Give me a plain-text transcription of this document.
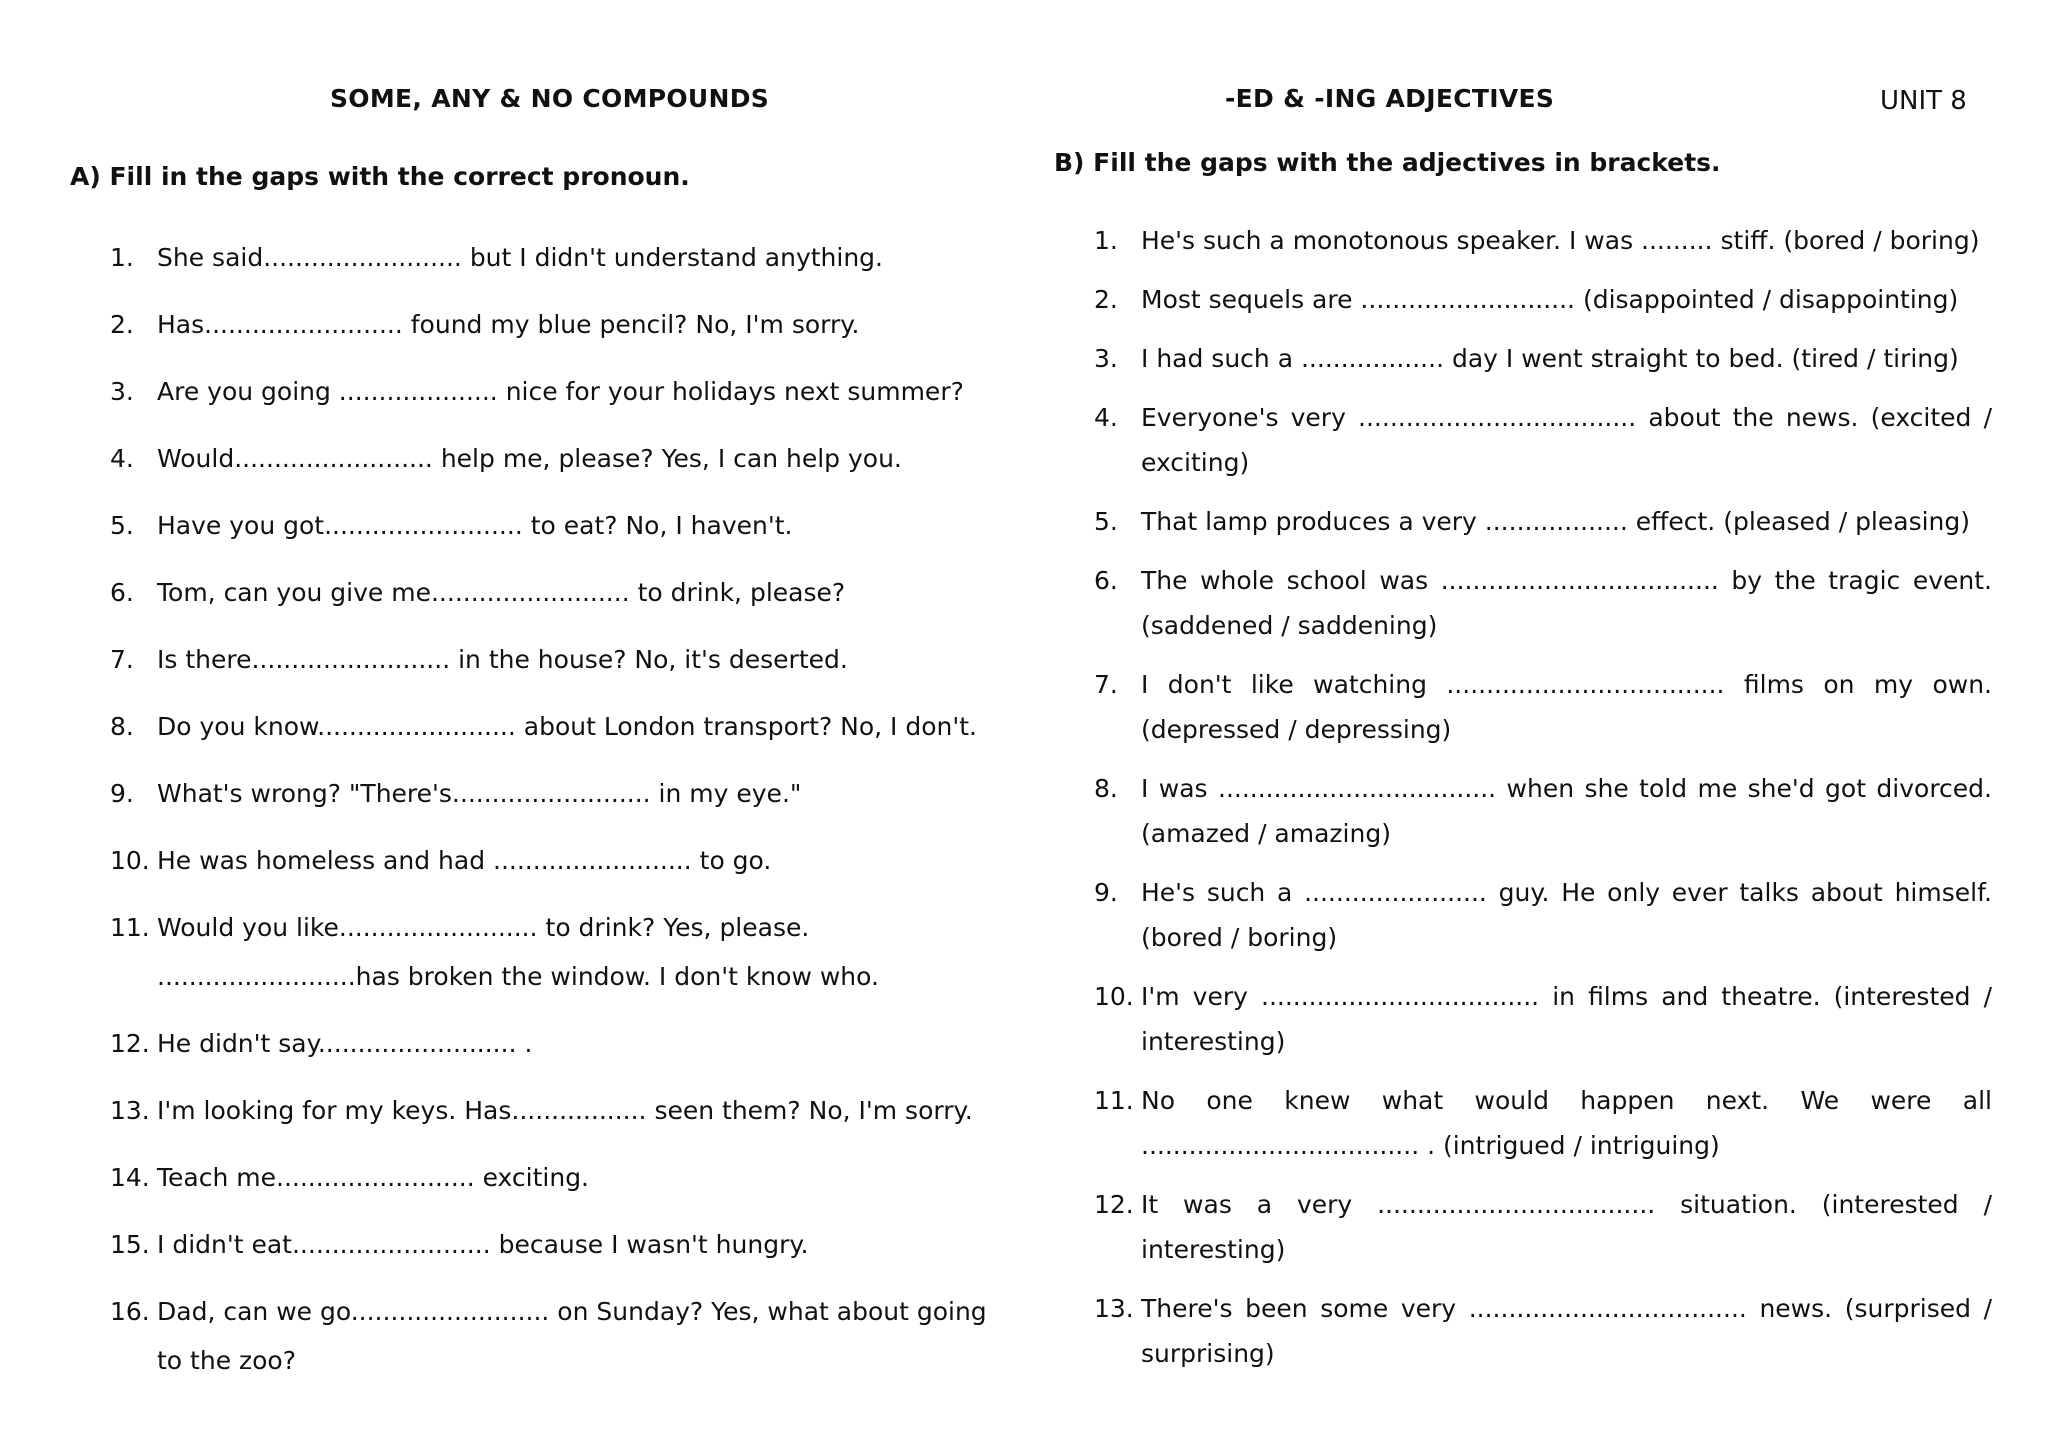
SOME, ANY & NO COMPOUNDS	-ED & -ING ADJECTIVES	UNIT 8

A) Fill in the gaps with the correct pronoun.	B) Fill the gaps with the adjectives in brackets.

1. She said......................... but I didn't understand anything.
2. Has......................... found my blue pencil? No, I'm sorry.
3. Are you going .................... nice for your holidays next summer?
4. Would......................... help me, please? Yes, I can help you.
5. Have you got......................... to eat? No, I haven't.
6. Tom, can you give me......................... to drink, please?
7. Is there......................... in the house? No, it's deserted.
8. Do you know......................... about London transport? No, I don't.
9. What's wrong? "There's......................... in my eye."
10. He was homeless and had ......................... to go.
11. Would you like......................... to drink? Yes, please.
.........................has broken the window. I don't know who.
12. He didn't say......................... .
13. I'm looking for my keys. Has................. seen them? No, I'm sorry.
14. Teach me......................... exciting.
15. I didn't eat......................... because I wasn't hungry.
16. Dad, can we go......................... on Sunday? Yes, what about going
to the zoo?
1. He's such a monotonous speaker. I was ......... stiff. (bored / boring)
2. Most sequels are ........................... (disappointed / disappointing)
3. I had such a .................. day I went straight to bed. (tired / tiring)
4. Everyone's very ................................... about the news. (excited / exciting)
5. That lamp produces a very .................. effect. (pleased / pleasing)
6. The whole school was ................................... by the tragic event. (saddened / saddening)
7. I don't like watching ................................... films on my own. (depressed / depressing)
8. I was ................................... when she told me she'd got divorced. (amazed / amazing)
9. He's such a ....................... guy. He only ever talks about himself. (bored / boring)
10. I'm very ................................... in films and theatre. (interested / interesting)
11. No one knew what would happen next. We were all ................................... . (intrigued / intriguing)
12. It was a very ................................... situation. (interested / interesting)
13. There's been some very ................................... news. (surprised / surprising)
